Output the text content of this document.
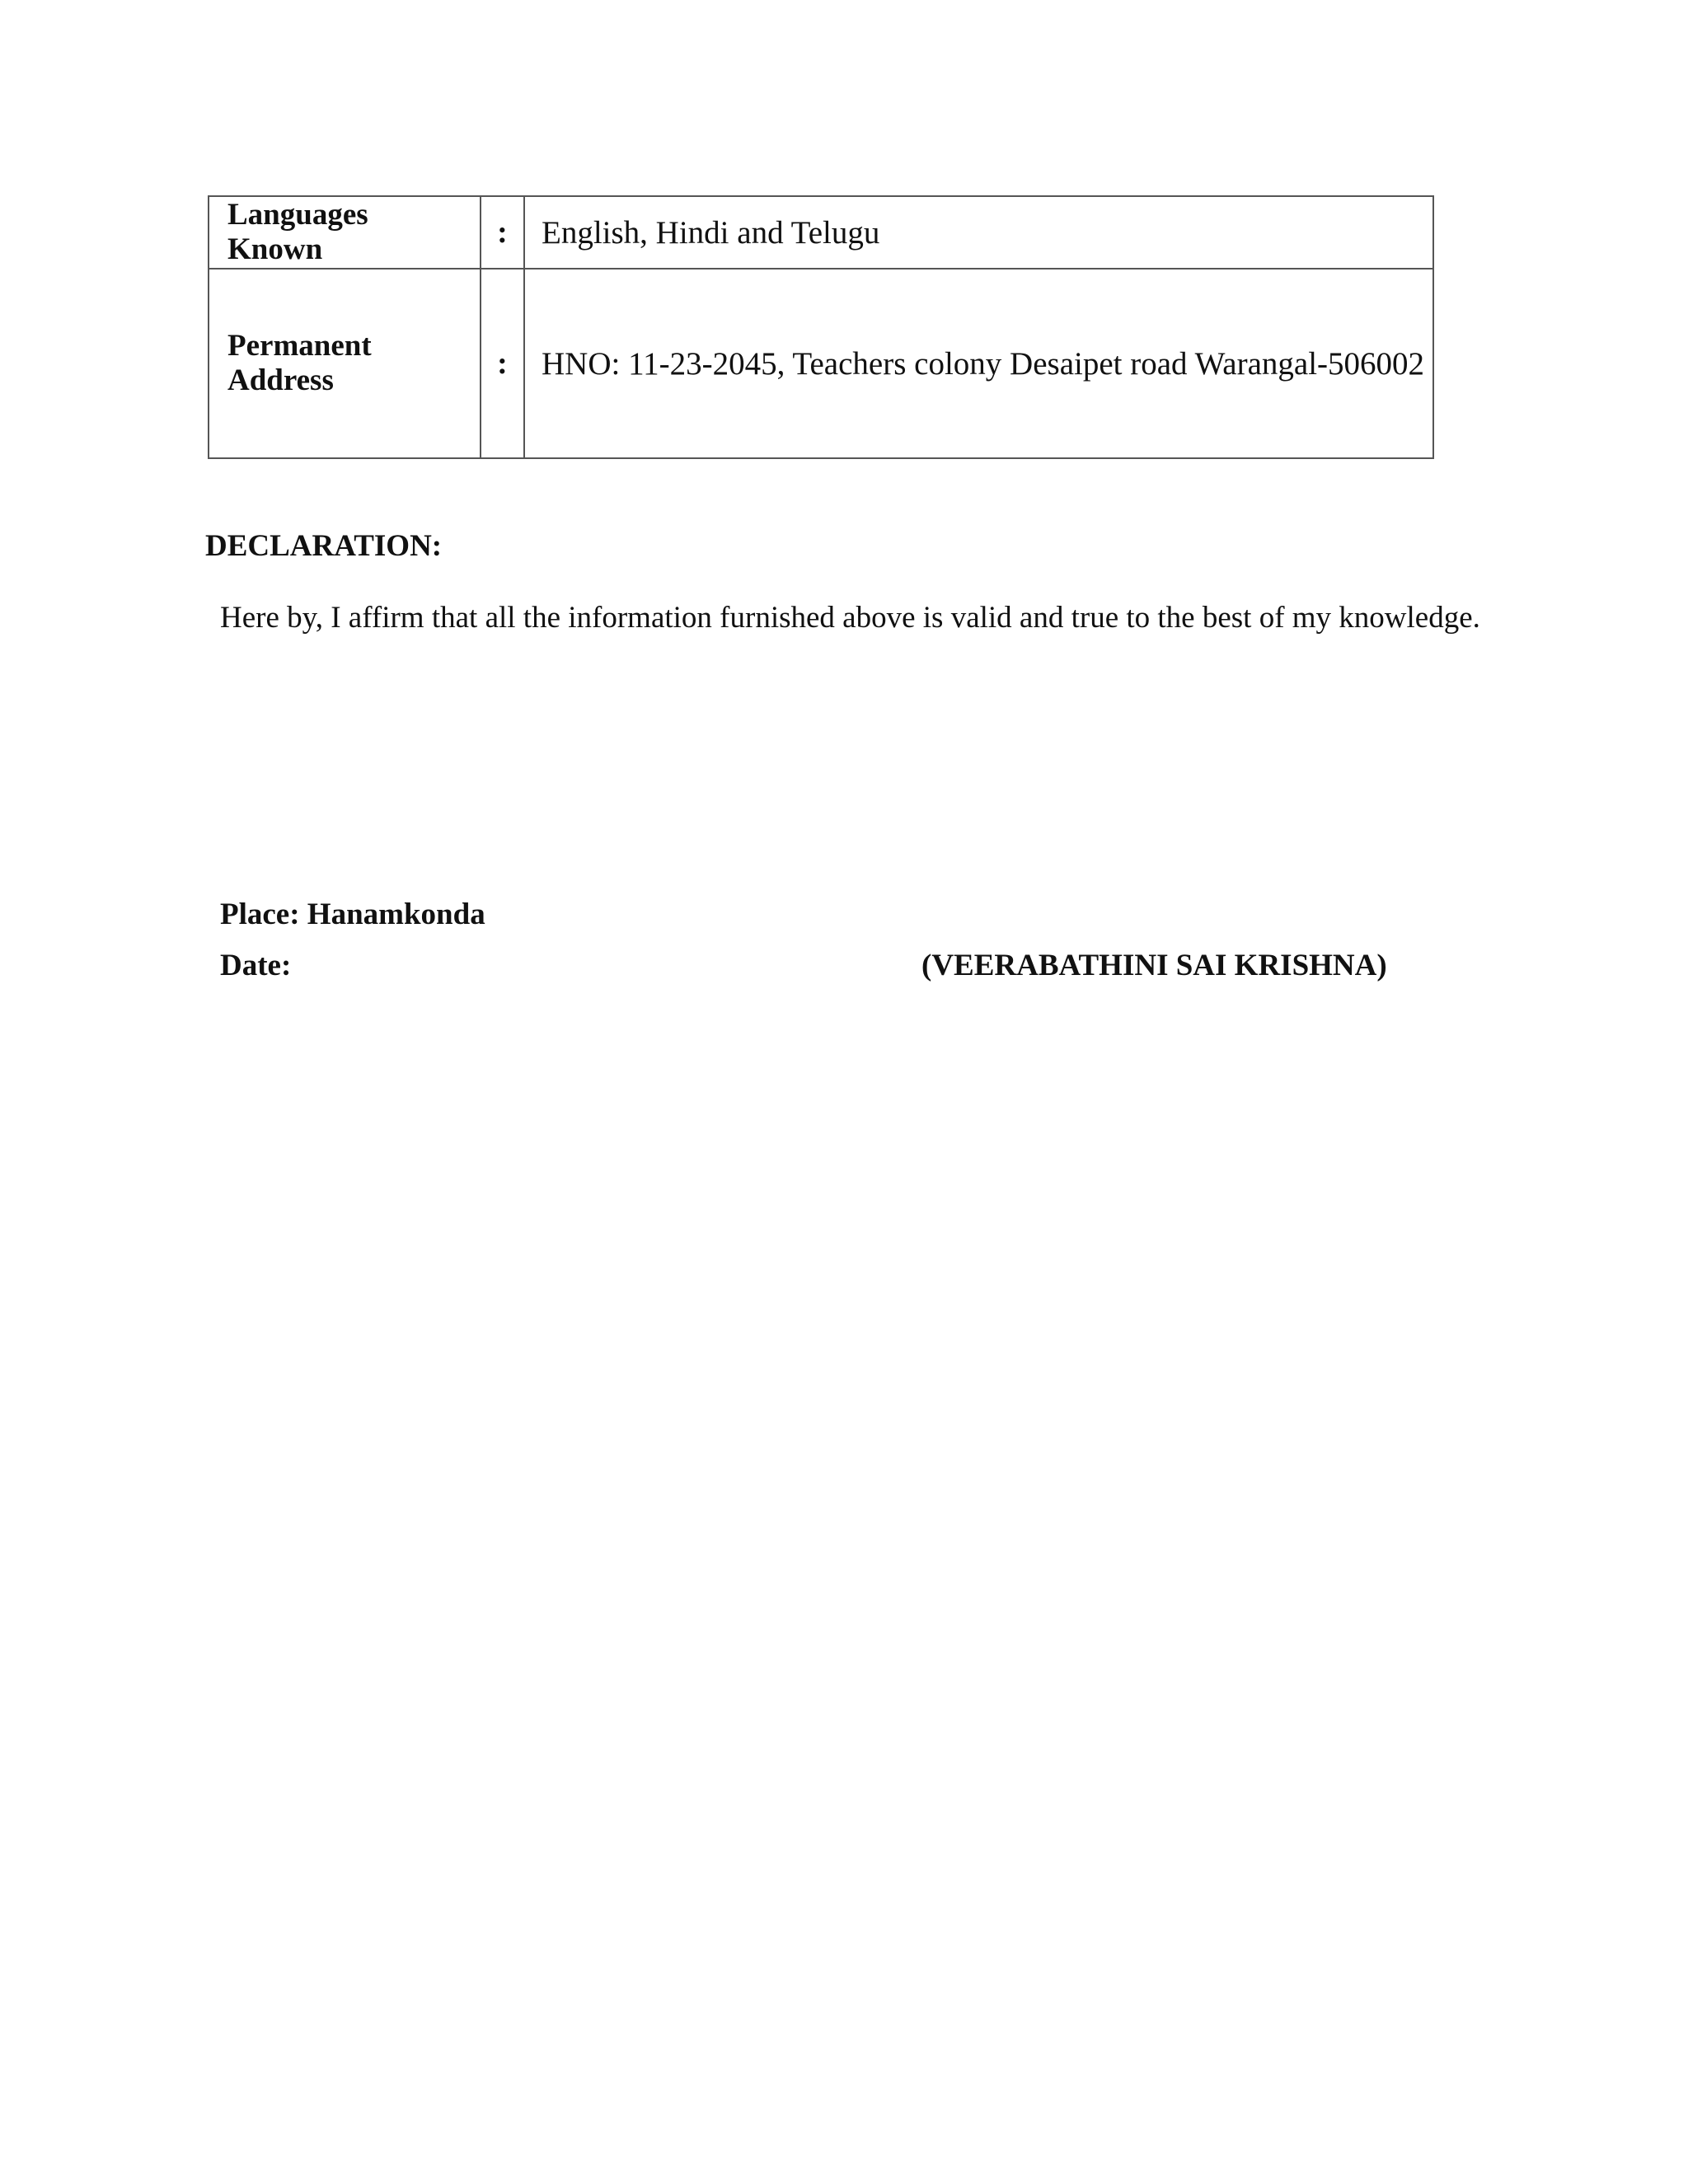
Languages
Known	:	English, Hindi and Telugu
Permanent
Address	:	HNO: 11-23-2045, Teachers colony Desaipet road Warangal-506002
DECLARATION:

Here by, I affirm that all the information furnished above is valid and true to the best of my knowledge.

Place: Hanamkonda

Date:	(VEERABATHINI SAI KRISHNA)
